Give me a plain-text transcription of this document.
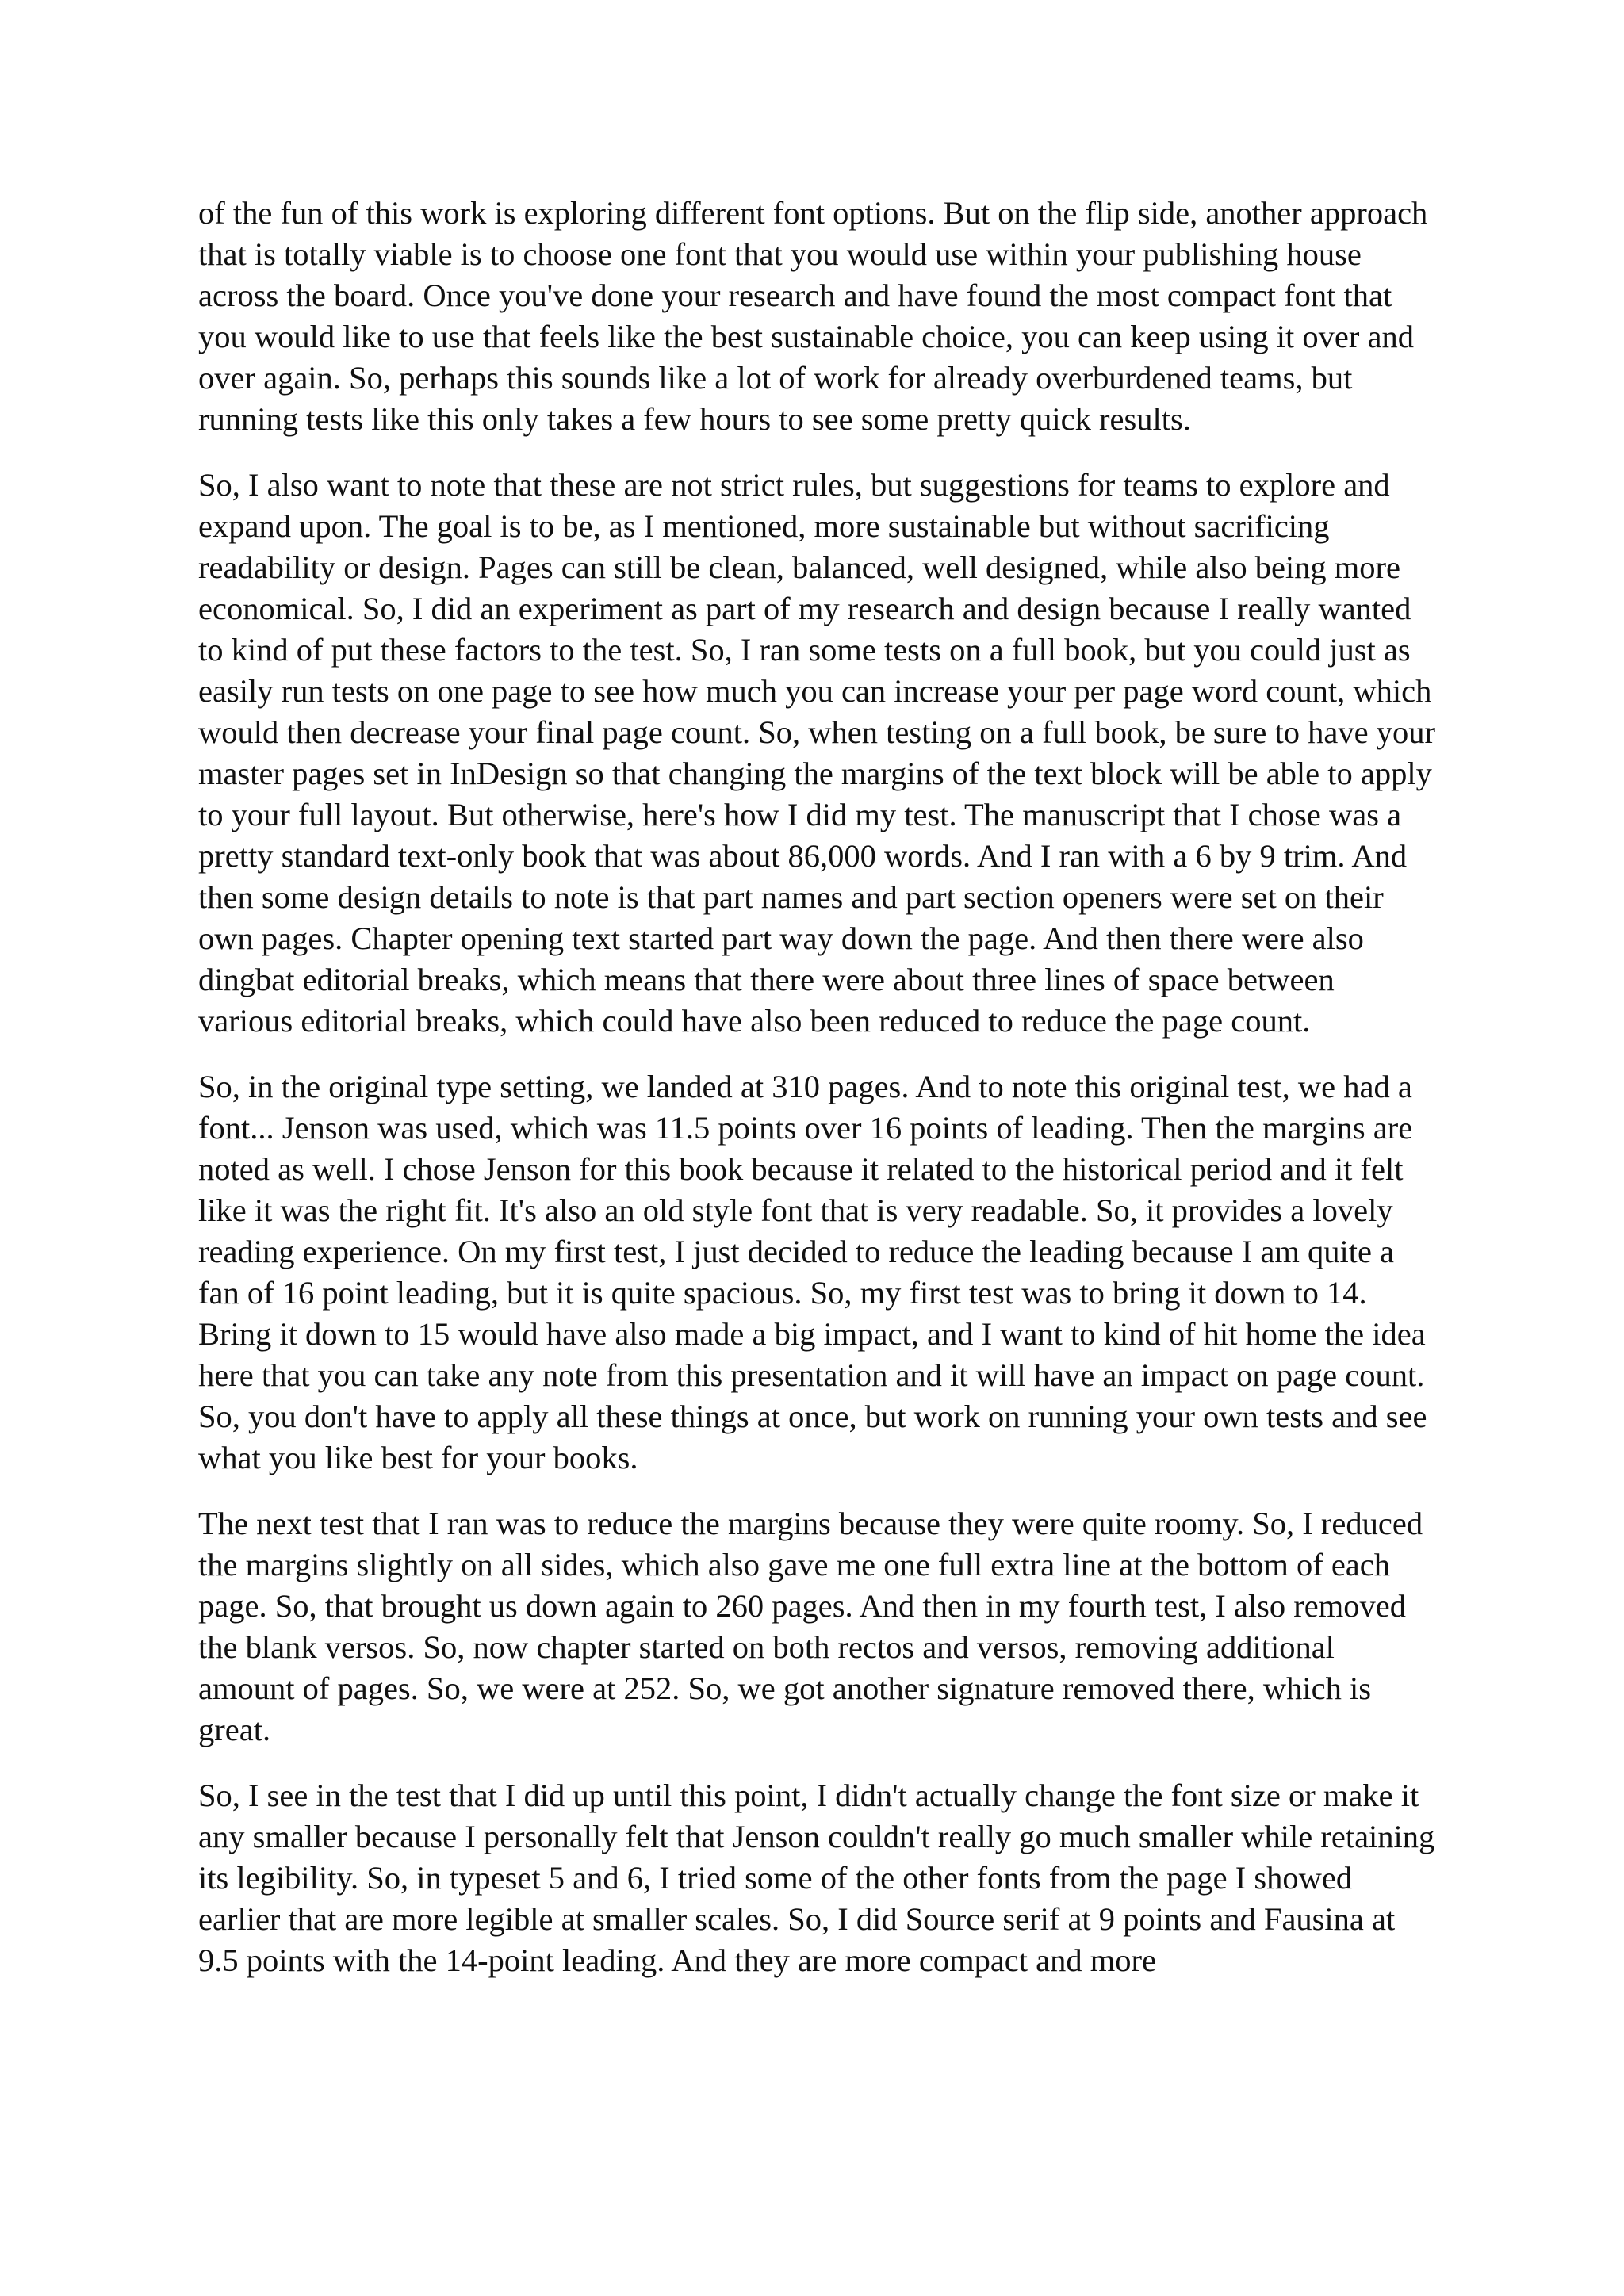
of the fun of this work is exploring different font options. But on the flip side, another approach that is totally viable is to choose one font that you would use within your publishing house across the board. Once you've done your research and have found the most compact font that you would like to use that feels like the best sustainable choice, you can keep using it over and over again. So, perhaps this sounds like a lot of work for already overburdened teams, but running tests like this only takes a few hours to see some pretty quick results.

So, I also want to note that these are not strict rules, but suggestions for teams to explore and expand upon. The goal is to be, as I mentioned, more sustainable but without sacrificing readability or design. Pages can still be clean, balanced, well designed, while also being more economical. So, I did an experiment as part of my research and design because I really wanted to kind of put these factors to the test. So, I ran some tests on a full book, but you could just as easily run tests on one page to see how much you can increase your per page word count, which would then decrease your final page count. So, when testing on a full book, be sure to have your master pages set in InDesign so that changing the margins of the text block will be able to apply to your full layout. But otherwise, here's how I did my test. The manuscript that I chose was a pretty standard text-only book that was about 86,000 words. And I ran with a 6 by 9 trim. And then some design details to note is that part names and part section openers were set on their own pages. Chapter opening text started part way down the page. And then there were also dingbat editorial breaks, which means that there were about three lines of space between various editorial breaks, which could have also been reduced to reduce the page count.

So, in the original type setting, we landed at 310 pages. And to note this original test, we had a font... Jenson was used, which was 11.5 points over 16 points of leading. Then the margins are noted as well. I chose Jenson for this book because it related to the historical period and it felt like it was the right fit. It's also an old style font that is very readable. So, it provides a lovely reading experience. On my first test, I just decided to reduce the leading because I am quite a fan of 16 point leading, but it is quite spacious. So, my first test was to bring it down to 14. Bring it down to 15 would have also made a big impact, and I want to kind of hit home the idea here that you can take any note from this presentation and it will have an impact on page count. So, you don't have to apply all these things at once, but work on running your own tests and see what you like best for your books.

The next test that I ran was to reduce the margins because they were quite roomy. So, I reduced the margins slightly on all sides, which also gave me one full extra line at the bottom of each page. So, that brought us down again to 260 pages. And then in my fourth test, I also removed the blank versos. So, now chapter started on both rectos and versos, removing additional amount of pages. So, we were at 252. So, we got another signature removed there, which is great.

So, I see in the test that I did up until this point, I didn't actually change the font size or make it any smaller because I personally felt that Jenson couldn't really go much smaller while retaining its legibility. So, in typeset 5 and 6, I tried some of the other fonts from the page I showed earlier that are more legible at smaller scales. So, I did Source serif at 9 points and Fausina at 9.5 points with the 14-point leading. And they are more compact and more
